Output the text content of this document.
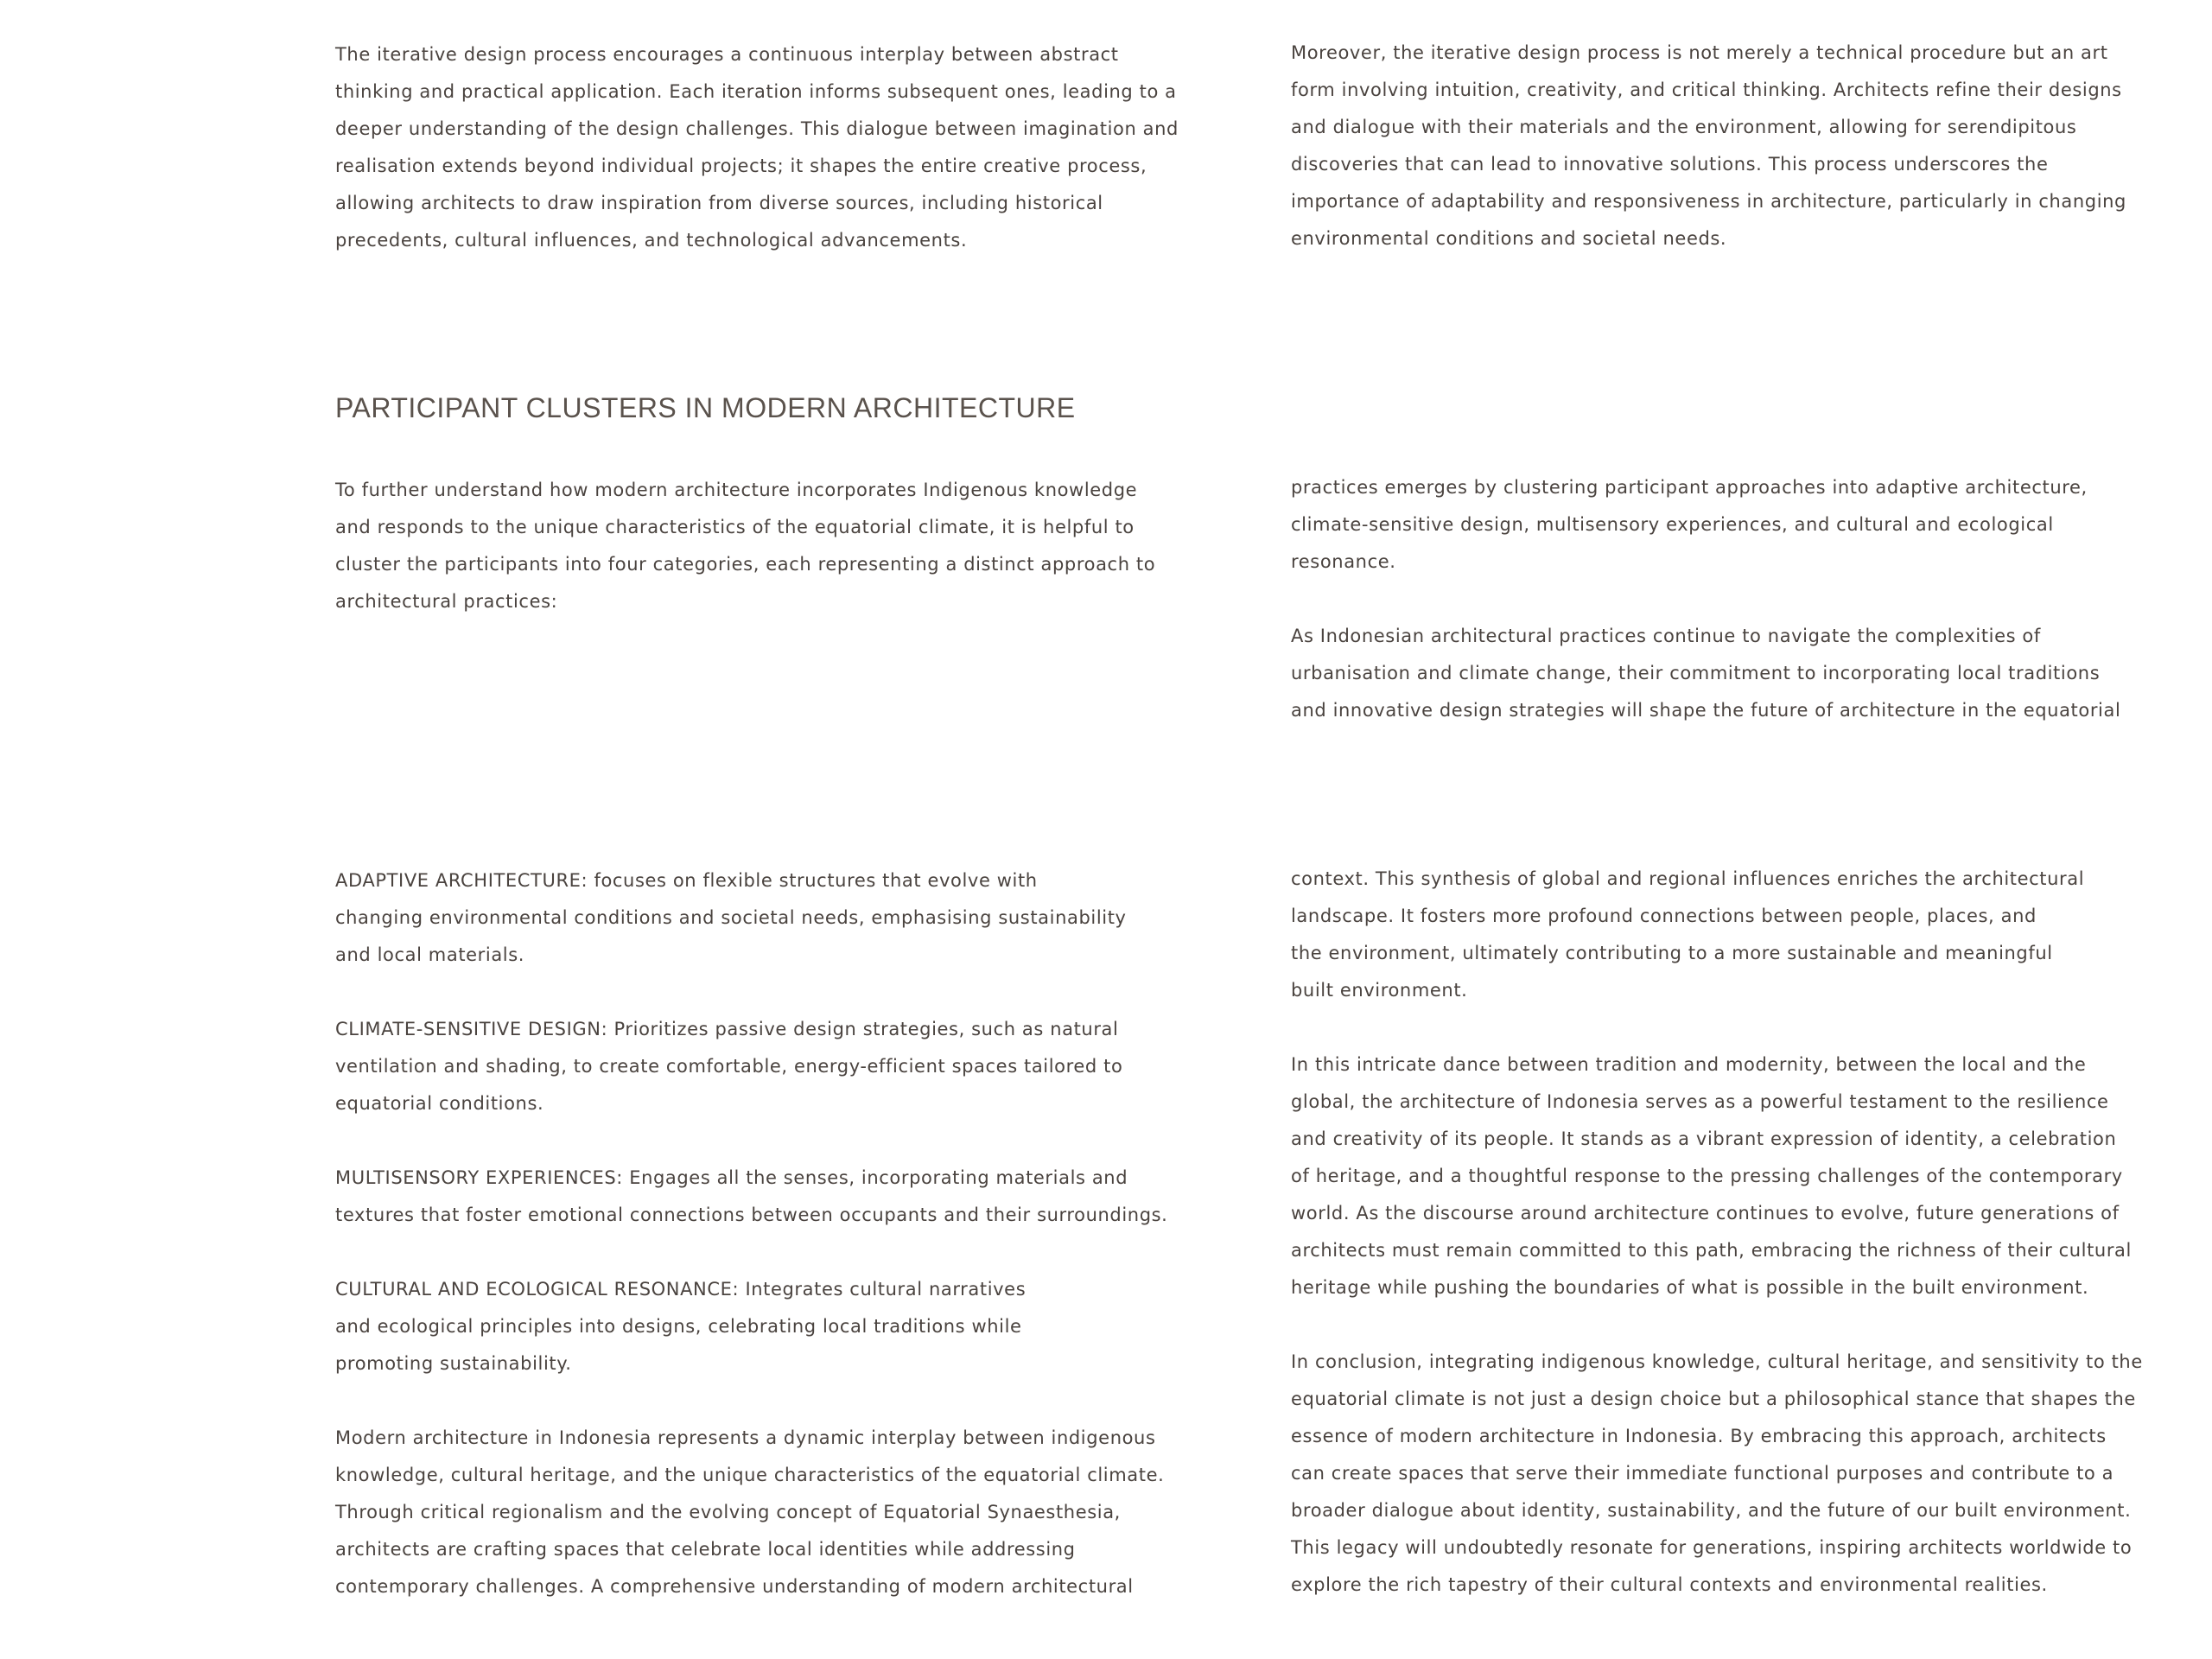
The iterative design process encourages a continuous interplay between abstract
thinking and practical application. Each iteration informs subsequent ones, leading to a
deeper understanding of the design challenges. This dialogue between imagination and
realisation extends beyond individual projects; it shapes the entire creative process,
allowing architects to draw inspiration from diverse sources, including historical
precedents, cultural influences, and technological advancements.

Moreover, the iterative design process is not merely a technical procedure but an art
form involving intuition, creativity, and critical thinking. Architects refine their designs
and dialogue with their materials and the environment, allowing for serendipitous
discoveries that can lead to innovative solutions. This process underscores the
importance of adaptability and responsiveness in architecture, particularly in changing
environmental conditions and societal needs.

PARTICIPANT CLUSTERS IN MODERN ARCHITECTURE

To further understand how modern architecture incorporates Indigenous knowledge
and responds to the unique characteristics of the equatorial climate, it is helpful to
cluster the participants into four categories, each representing a distinct approach to
architectural practices:

practices emerges by clustering participant approaches into adaptive architecture,
climate-sensitive design, multisensory experiences, and cultural and ecological
resonance.

As Indonesian architectural practices continue to navigate the complexities of
urbanisation and climate change, their commitment to incorporating local traditions
and innovative design strategies will shape the future of architecture in the equatorial

ADAPTIVE ARCHITECTURE: focuses on flexible structures that evolve with
changing environmental conditions and societal needs, emphasising sustainability
and local materials.

CLIMATE-SENSITIVE DESIGN: Prioritizes passive design strategies, such as natural
ventilation and shading, to create comfortable, energy-efficient spaces tailored to
equatorial conditions.

MULTISENSORY EXPERIENCES: Engages all the senses, incorporating materials and
textures that foster emotional connections between occupants and their surroundings.

CULTURAL AND ECOLOGICAL RESONANCE: Integrates cultural narratives
and ecological principles into designs, celebrating local traditions while
promoting sustainability.

Modern architecture in Indonesia represents a dynamic interplay between indigenous
knowledge, cultural heritage, and the unique characteristics of the equatorial climate.
Through critical regionalism and the evolving concept of Equatorial Synaesthesia,
architects are crafting spaces that celebrate local identities while addressing
contemporary challenges. A comprehensive understanding of modern architectural

context. This synthesis of global and regional influences enriches the architectural
landscape. It fosters more profound connections between people, places, and
the environment, ultimately contributing to a more sustainable and meaningful
built environment.

In this intricate dance between tradition and modernity, between the local and the
global, the architecture of Indonesia serves as a powerful testament to the resilience
and creativity of its people. It stands as a vibrant expression of identity, a celebration
of heritage, and a thoughtful response to the pressing challenges of the contemporary
world. As the discourse around architecture continues to evolve, future generations of
architects must remain committed to this path, embracing the richness of their cultural
heritage while pushing the boundaries of what is possible in the built environment.

In conclusion, integrating indigenous knowledge, cultural heritage, and sensitivity to the
equatorial climate is not just a design choice but a philosophical stance that shapes the
essence of modern architecture in Indonesia. By embracing this approach, architects
can create spaces that serve their immediate functional purposes and contribute to a
broader dialogue about identity, sustainability, and the future of our built environment.
This legacy will undoubtedly resonate for generations, inspiring architects worldwide to
explore the rich tapestry of their cultural contexts and environmental realities.
